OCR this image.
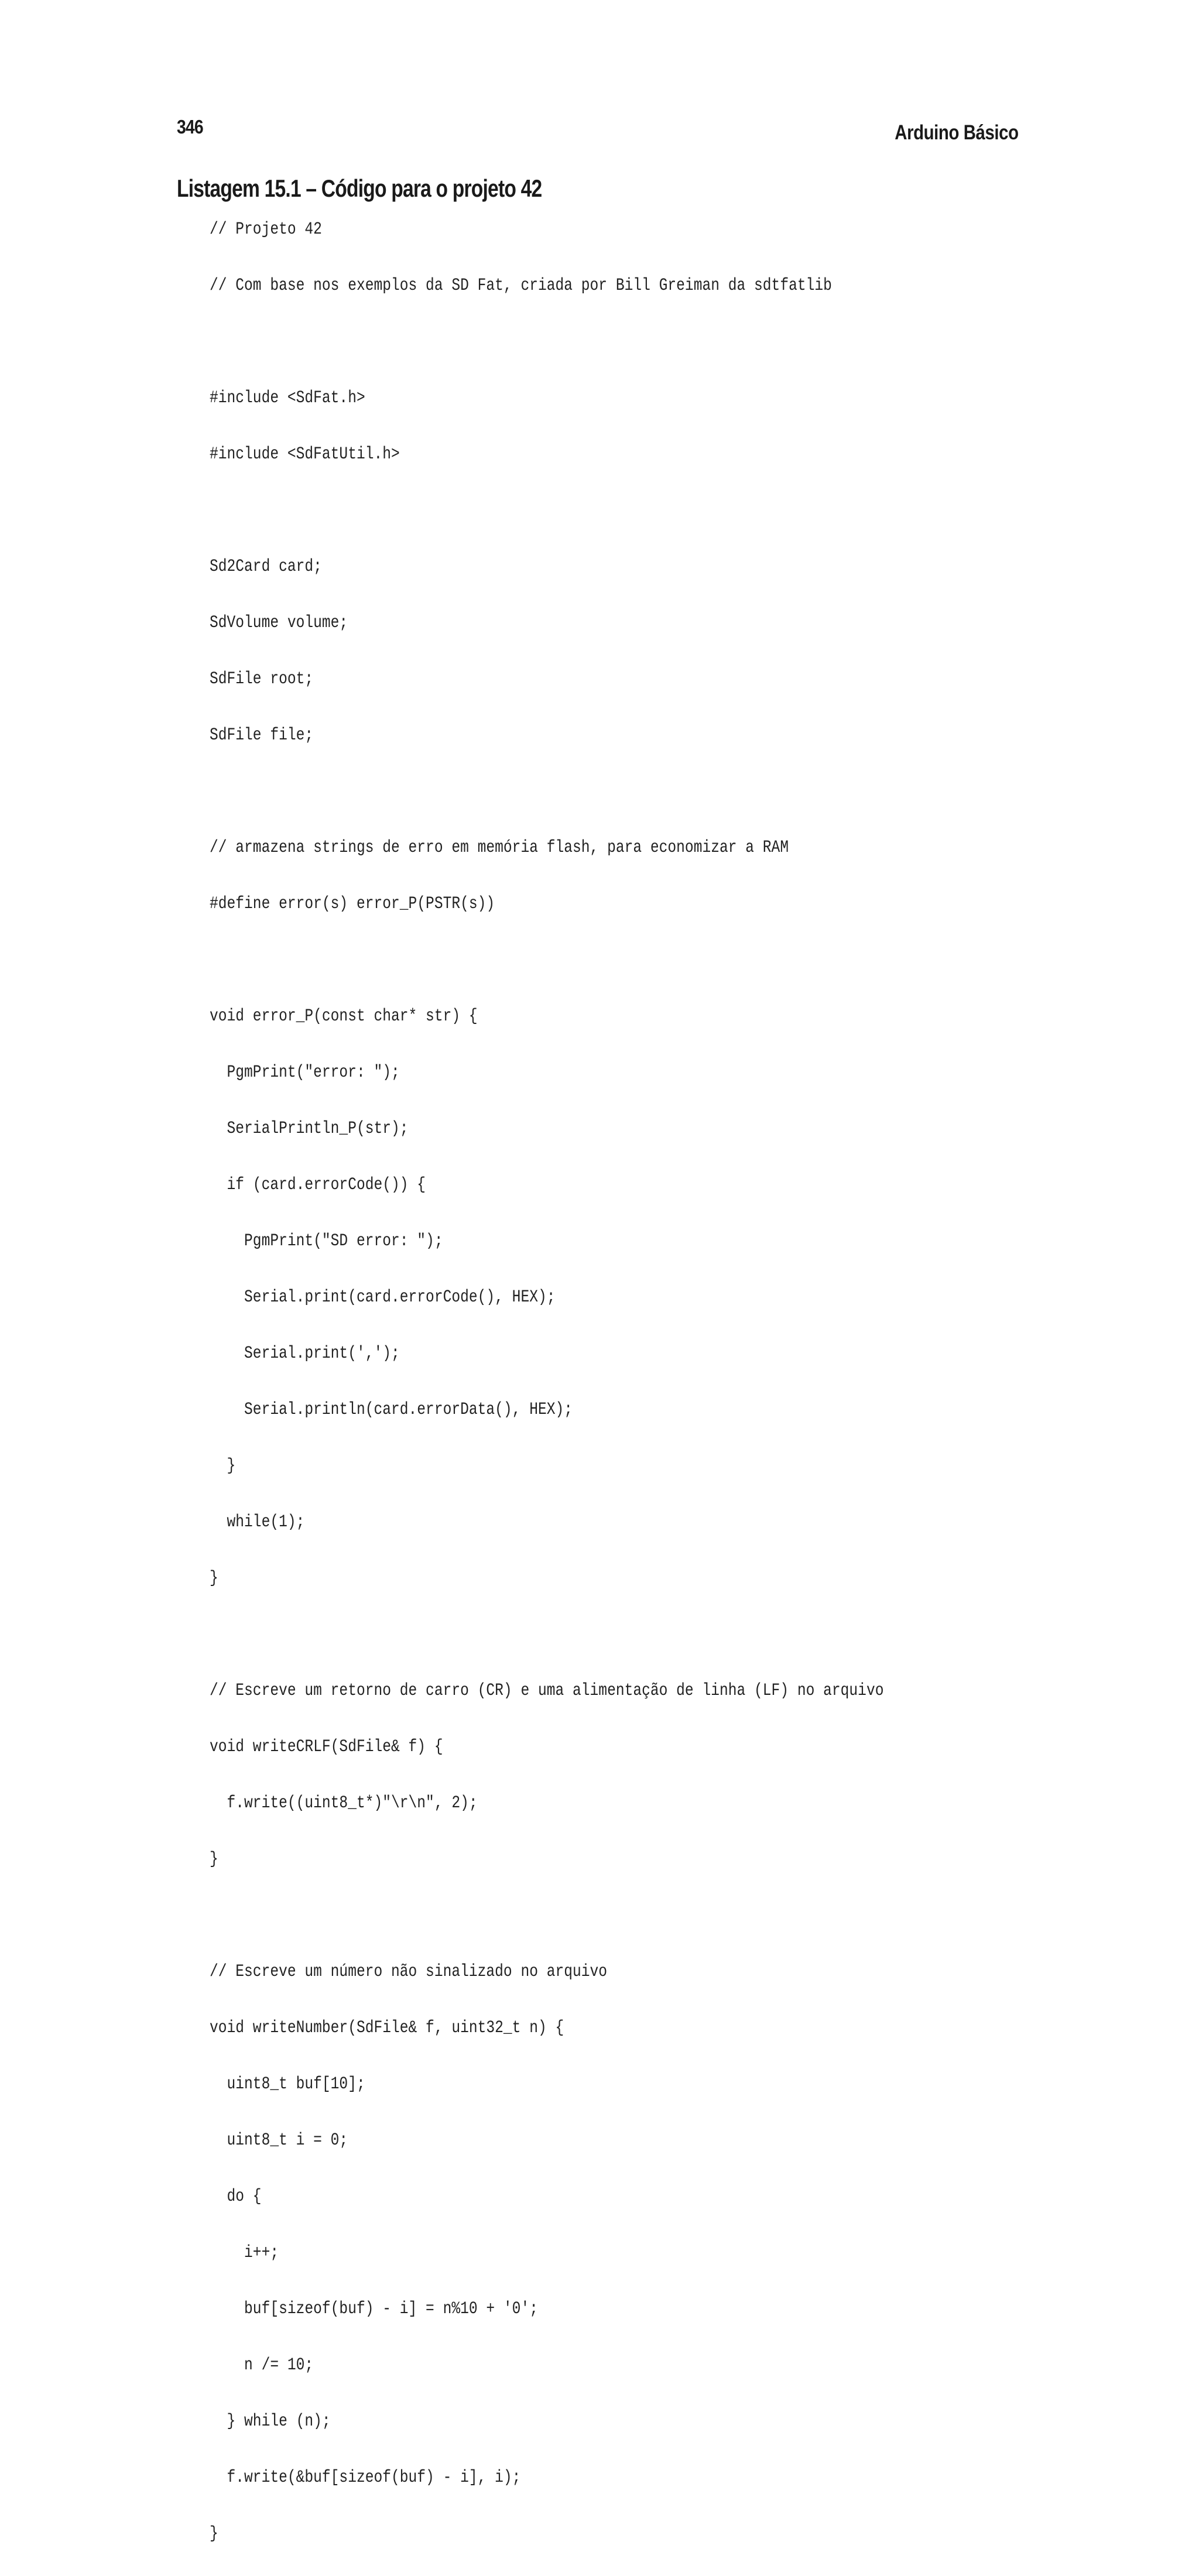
346	Arduino Básico
Listagem 15.1 – Código para o projeto 42
// Projeto 42

// Com base nos exemplos da SD Fat, criada por Bill Greiman da sdtfatlib

#include <SdFat.h>

#include <SdFatUtil.h>

Sd2Card card;

SdVolume volume;

SdFile root;

SdFile file;

// armazena strings de erro em memória flash, para economizar a RAM

#define error(s) error_P(PSTR(s))

void error_P(const char* str) {

PgmPrint("error: ");

SerialPrintln_P(str);

if (card.errorCode()) {

PgmPrint("SD error: ");

Serial.print(card.errorCode(), HEX);

Serial.print(',');

Serial.println(card.errorData(), HEX);

}

while(1);

}

// Escreve um retorno de carro (CR) e uma alimentação de linha (LF) no arquivo

void writeCRLF(SdFile& f) {

f.write((uint8_t*)"\r\n", 2);

}

// Escreve um número não sinalizado no arquivo

void writeNumber(SdFile& f, uint32_t n) {

uint8_t buf[10];

uint8_t i = 0;

do {

i++;

buf[sizeof(buf) - i] = n%10 + '0';

n /= 10;

} while (n);

f.write(&buf[sizeof(buf) - i], i);

}
